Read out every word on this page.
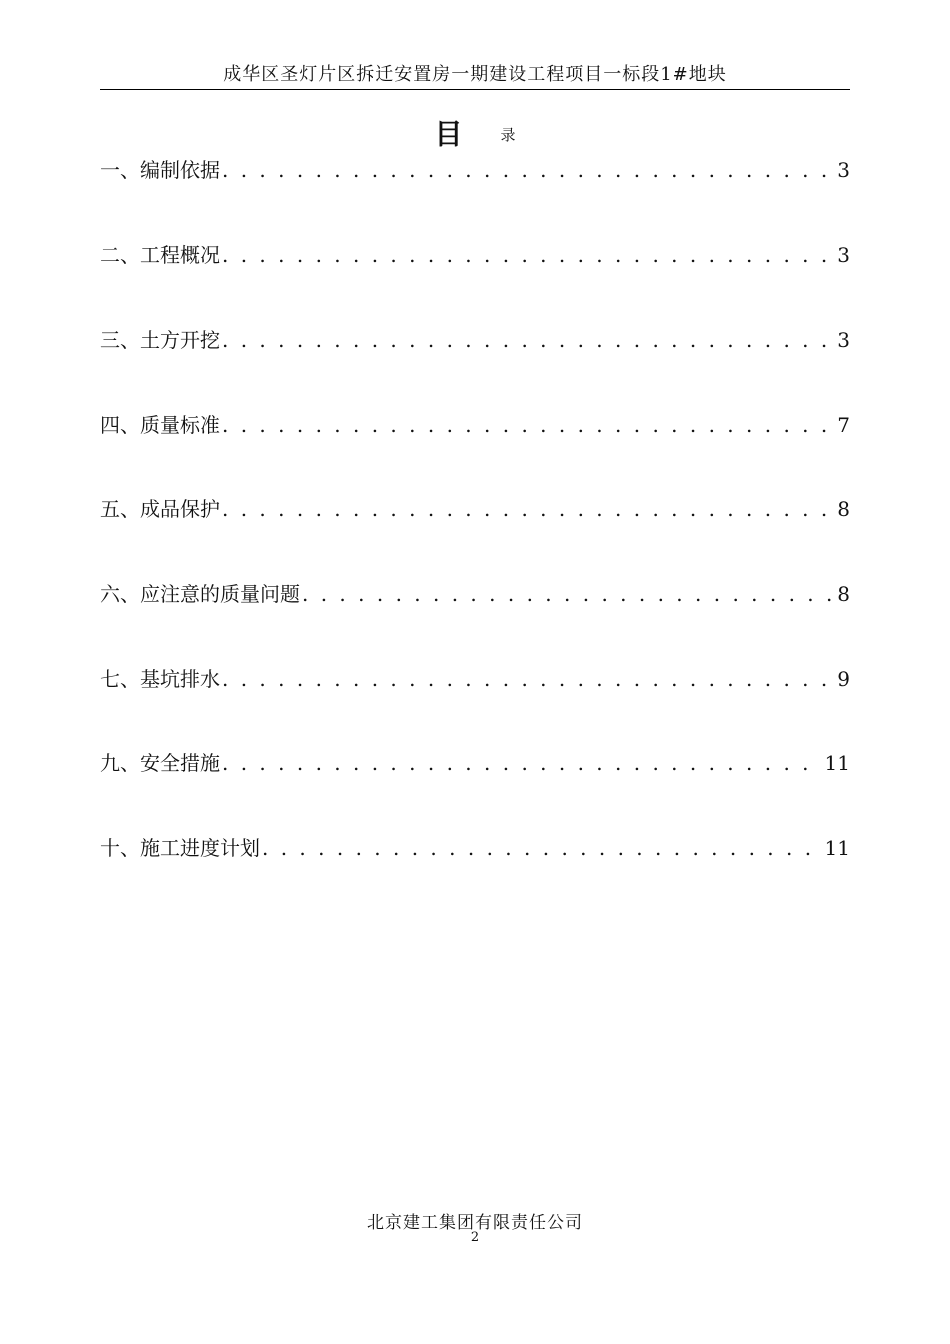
成华区圣灯片区拆迁安置房一期建设工程项目一标段1#地块
目	录
一、编制依据 . . .	3
二、工程概况 . . .	3
三、土方开挖 . . .	3
四、质量标准 . . .	7
五、成品保护 . . .	8
六、应注意的质量问题 . . .	8
七、基坑排水 . . .	9
九、安全措施 . . .	11
十、施工进度计划 . . .	11
北京建工集团有限责任公司
2
